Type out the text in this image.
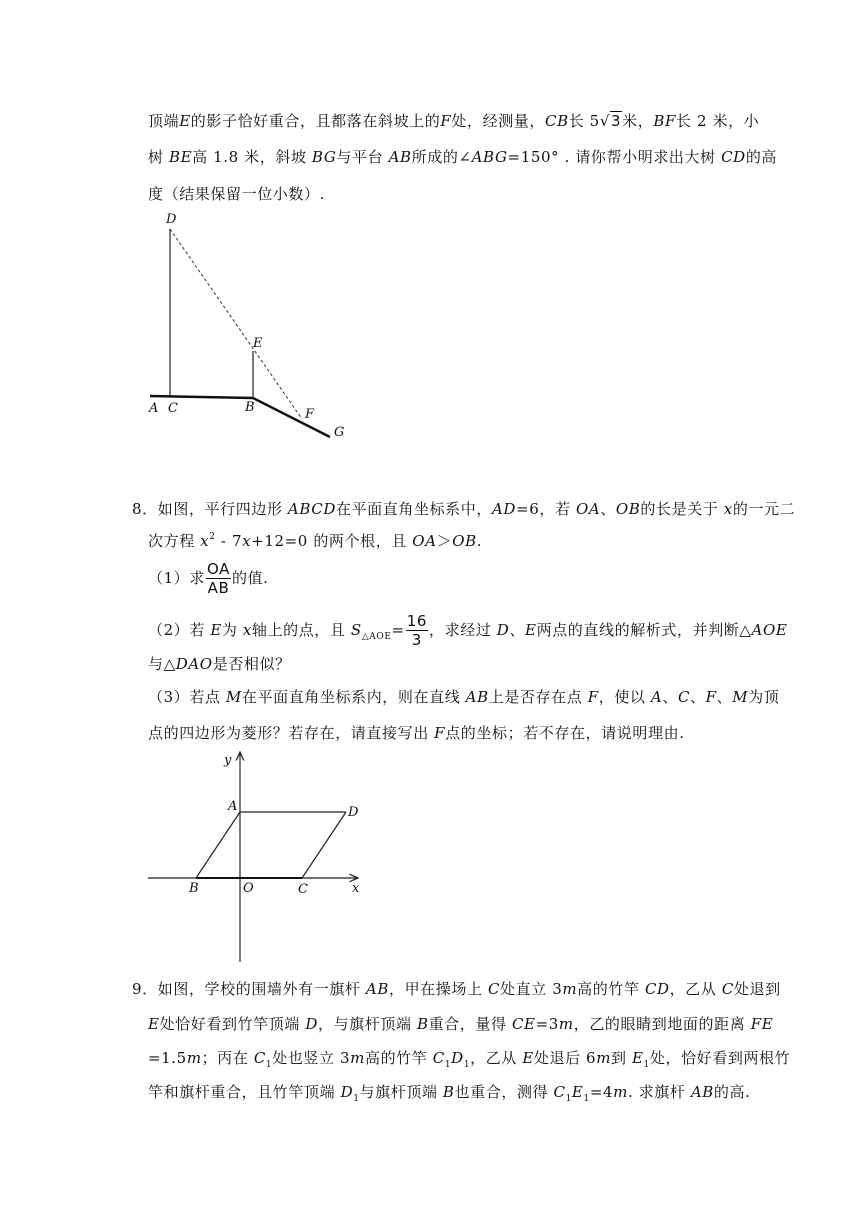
顶端E的影子恰好重合，且都落在斜坡上的F处，经测量，CB长 5√3米，BF长 2 米，小
树 BE高 1.8 米，斜坡 BG与平台 AB所成的∠ABG=150° . 请你帮小明求出大树 CD的高
度（结果保留一位小数）.
D
E
A C	B	F
G
8．如图，平行四边形 ABCD在平面直角坐标系中，AD=6，若 OA、OB的长是关于 x的一元二
次方程 $x^2 - 7x+12=0$ 的两个根，且 OA＞OB.
（1）求 $\frac{OA}{AB}$ 的值.
（2）若 E为 x轴上的点，且 $S_{\triangle AOE}= \frac{16}{3}$ ，求经过 D、E两点的直线的解析式，并判断△AOE
与△DAO是否相似？
（3）若点 M在平面直角坐标系内，则在直线 AB上是否存在点 F，使以 A、C、F、M为顶
点的四边形为菱形？若存在，请直接写出 F点的坐标；若不存在，请说明理由.
y
x
A	D
B	O	C
9．如图，学校的围墙外有一旗杆 AB，甲在操场上 C处直立 3m高的竹竿 CD，乙从 C处退到
E处恰好看到竹竿顶端 D，与旗杆顶端 B重合，量得 CE=3m，乙的眼睛到地面的距离 FE
=1.5m；丙在 $C_1$处也竖立 3m高的竹竿 $C_1D_1$，乙从 E处退后 6m到 $E_1$处，恰好看到两根竹
竿和旗杆重合，且竹竿顶端 $D_1$与旗杆顶端 B也重合，测得 $C_1E_1=4m$. 求旗杆 AB的高.
